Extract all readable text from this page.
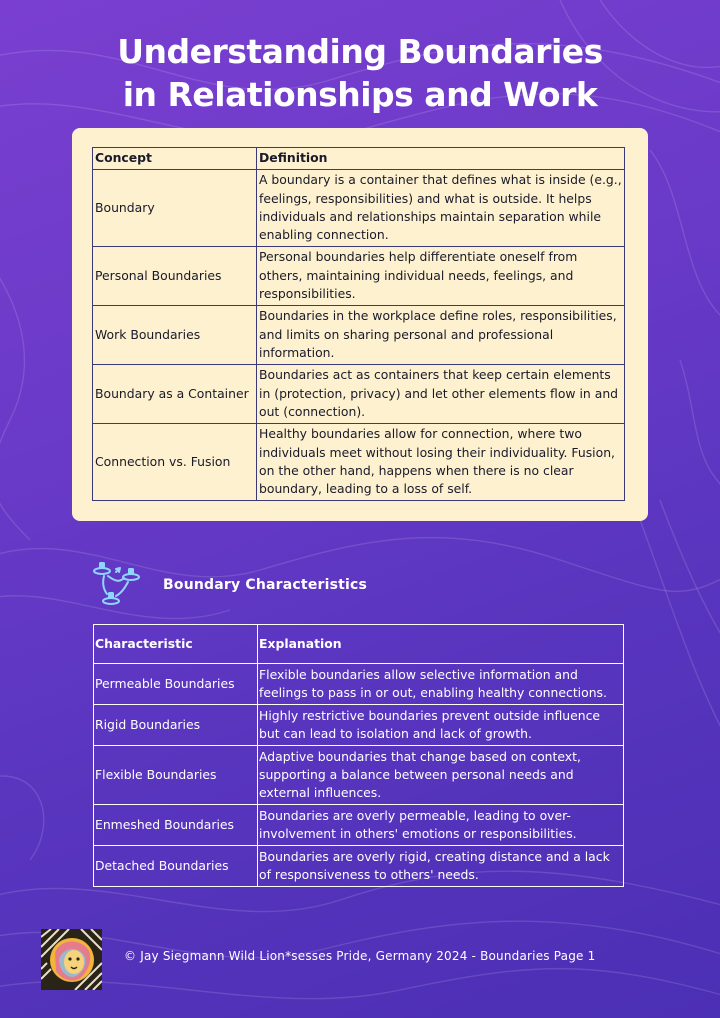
Understanding Boundaries
in Relationships and Work
Concept	Definition
Boundary	A boundary is a container that defines what is inside (e.g., feelings, responsibilities) and what is outside. It helps individuals and relationships maintain separation while enabling connection.
Personal Boundaries	Personal boundaries help differentiate oneself from others, maintaining individual needs, feelings, and responsibilities.
Work Boundaries	Boundaries in the workplace define roles, responsibilities, and limits on sharing personal and professional information.
Boundary as a Container	Boundaries act as containers that keep certain elements in (protection, privacy) and let other elements flow in and out (connection).
Connection vs. Fusion	Healthy boundaries allow for connection, where two individuals meet without losing their individuality. Fusion, on the other hand, happens when there is no clear boundary, leading to a loss of self.
Boundary Characteristics
Characteristic	Explanation
Permeable Boundaries	Flexible boundaries allow selective information and feelings to pass in or out, enabling healthy connections.
Rigid Boundaries	Highly restrictive boundaries prevent outside influence but can lead to isolation and lack of growth.
Flexible Boundaries	Adaptive boundaries that change based on context, supporting a balance between personal needs and external influences.
Enmeshed Boundaries	Boundaries are overly permeable, leading to over-involvement in others' emotions or responsibilities.
Detached Boundaries	Boundaries are overly rigid, creating distance and a lack of responsiveness to others' needs.
© Jay Siegmann Wild Lion*sesses Pride, Germany 2024 - Boundaries Page 1
